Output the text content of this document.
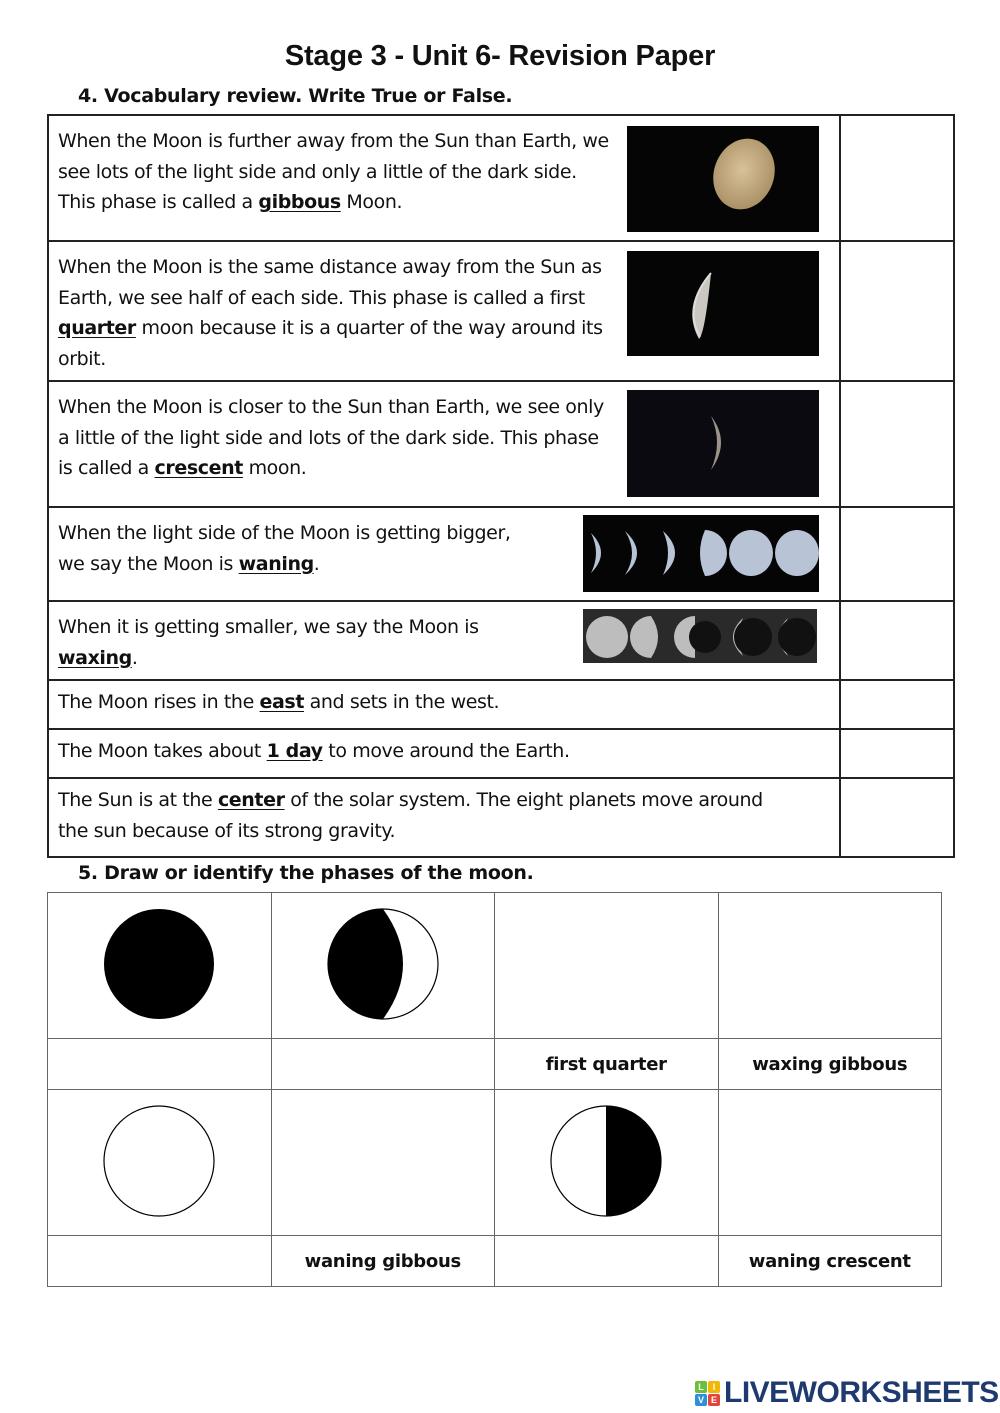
Stage 3 - Unit 6- Revision Paper
4. Vocabulary review. Write True or False.
When the Moon is further away from the Sun than Earth, we see lots of the light side and only a little of the dark side. This phase is called a gibbous Moon.	

When the Moon is the same distance away from the Sun as Earth, we see half of each side. This phase is called a first quarter moon because it is a quarter of the way around its orbit.	

When the Moon is closer to the Sun than Earth, we see only a little of the light side and lots of the dark side. This phase is called a crescent moon.	

When the light side of the Moon is getting bigger, we say the Moon is waning.	

When it is getting smaller, we say the Moon is waxing.	

The Moon rises in the east and sets in the west.	

The Moon takes about 1 day to move around the Earth.	

The Sun is at the center of the solar system. The eight planets move around the sun because of its strong gravity.	

5. Draw or identify the phases of the moon.

		first quarter	waxing gibbous

	waning gibbous		waning crescent
L I
V E LIVEWORKSHEETS
